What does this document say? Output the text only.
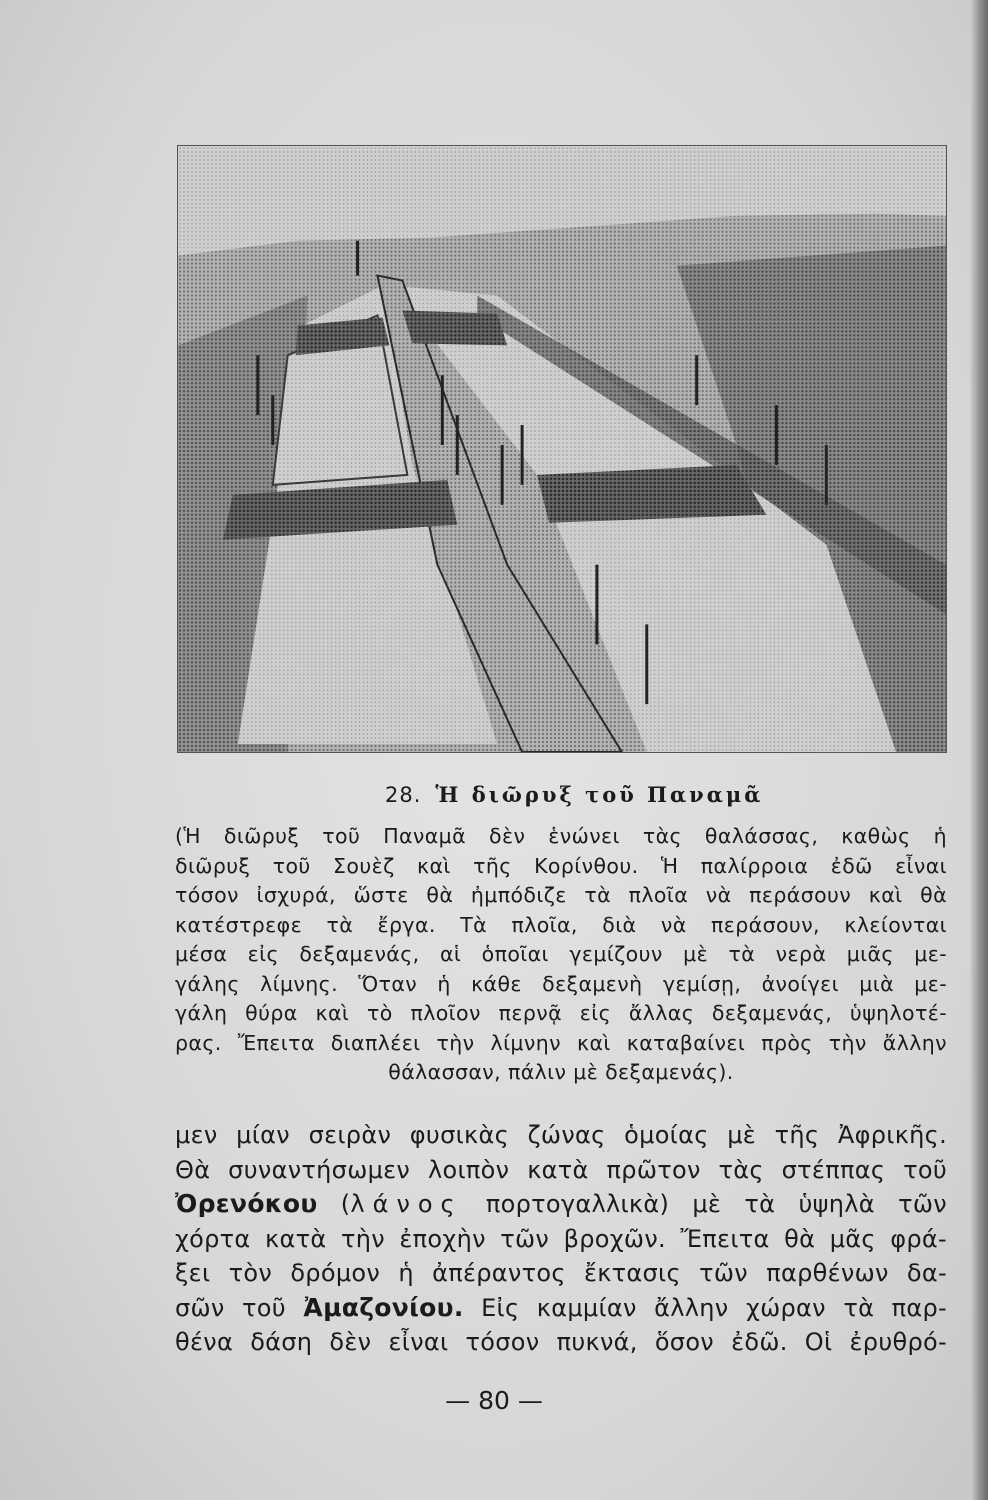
28. Ἡ διῶρυξ τοῦ Παναμᾶ
(Ἡ διῶρυξ τοῦ Παναμᾶ δὲν ἑνώνει τὰς θαλάσσας, καθὼς ἡ
διῶρυξ τοῦ Σουὲζ καὶ τῆς Κορίνθου. Ἡ παλίρροια ἐδῶ εἶναι
τόσον ἰσχυρά, ὥστε θὰ ἠμπόδιζε τὰ πλοῖα νὰ περάσουν καὶ θὰ
κατέστρεφε τὰ ἔργα. Τὰ πλοῖα, διὰ νὰ περάσουν, κλείονται
μέσα εἰς δεξαμενάς, αἱ ὁποῖαι γεμίζουν μὲ τὰ νερὰ μιᾶς με-
γάλης λίμνης. Ὅταν ἡ κάθε δεξαμενὴ γεμίσῃ, ἀνοίγει μιὰ με-
γάλη θύρα καὶ τὸ πλοῖον περνᾷ εἰς ἄλλας δεξαμενάς, ὑψηλοτέ-
ρας. Ἔπειτα διαπλέει τὴν λίμνην καὶ καταβαίνει πρὸς τὴν ἄλλην
θάλασσαν, πάλιν μὲ δεξαμενάς).
μεν μίαν σειρὰν φυσικὰς ζώνας ὁμοίας μὲ τῆς Ἀφρικῆς.
Θὰ συναντήσωμεν λοιπὸν κατὰ πρῶτον τὰς στέππας τοῦ
Ὀρενόκου (λάνος πορτογαλλικὰ) μὲ τὰ ὑψηλὰ τῶν
χόρτα κατὰ τὴν ἐποχὴν τῶν βροχῶν. Ἔπειτα θὰ μᾶς φρά-
ξει τὸν δρόμον ἡ ἀπέραντος ἔκτασις τῶν παρθένων δα-
σῶν τοῦ Ἀμαζονίου. Εἰς καμμίαν ἄλλην χώραν τὰ παρ-
θένα δάση δὲν εἶναι τόσον πυκνά, ὅσον ἐδῶ. Οἱ ἐρυθρό-
— 80 —
